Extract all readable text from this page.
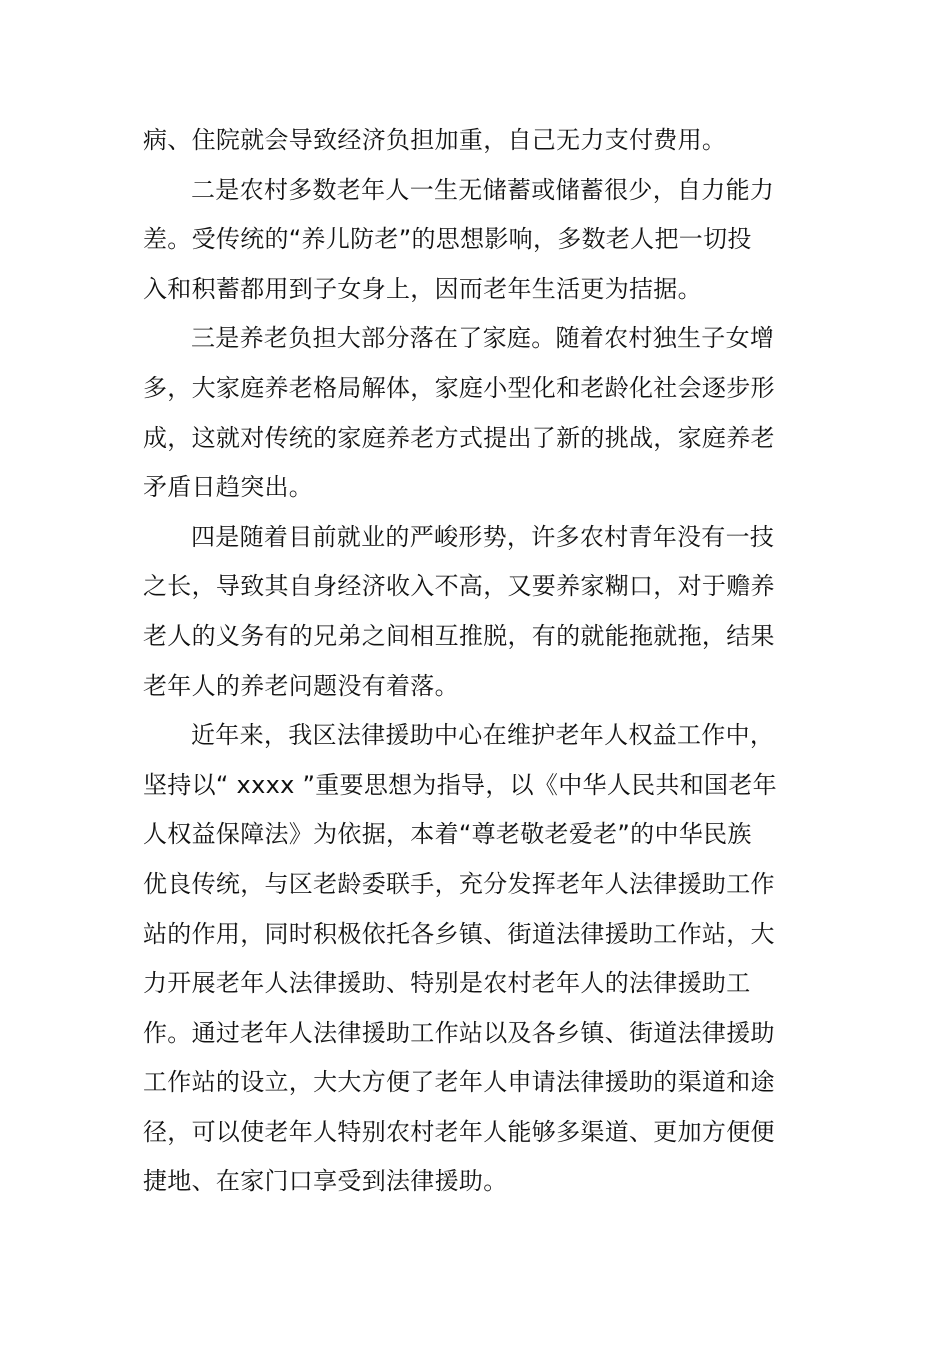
病、住院就会导致经济负担加重，自己无力支付费用。
二是农村多数老年人一生无储蓄或储蓄很少，自力能力
差。受传统的“养儿防老”的思想影响，多数老人把一切投
入和积蓄都用到子女身上，因而老年生活更为拮据。
三是养老负担大部分落在了家庭。随着农村独生子女增
多，大家庭养老格局解体，家庭小型化和老龄化社会逐步形
成，这就对传统的家庭养老方式提出了新的挑战，家庭养老
矛盾日趋突出。
四是随着目前就业的严峻形势，许多农村青年没有一技
之长，导致其自身经济收入不高，又要养家糊口，对于赡养
老人的义务有的兄弟之间相互推脱，有的就能拖就拖，结果
老年人的养老问题没有着落。
近年来，我区法律援助中心在维护老年人权益工作中，
坚持以“ xxxx ”重要思想为指导，以《中华人民共和国老年
人权益保障法》为依据，本着“尊老敬老爱老”的中华民族
优良传统，与区老龄委联手，充分发挥老年人法律援助工作
站的作用，同时积极依托各乡镇、街道法律援助工作站，大
力开展老年人法律援助、特别是农村老年人的法律援助工
作。通过老年人法律援助工作站以及各乡镇、街道法律援助
工作站的设立，大大方便了老年人申请法律援助的渠道和途
径，可以使老年人特别农村老年人能够多渠道、更加方便便
捷地、在家门口享受到法律援助。
